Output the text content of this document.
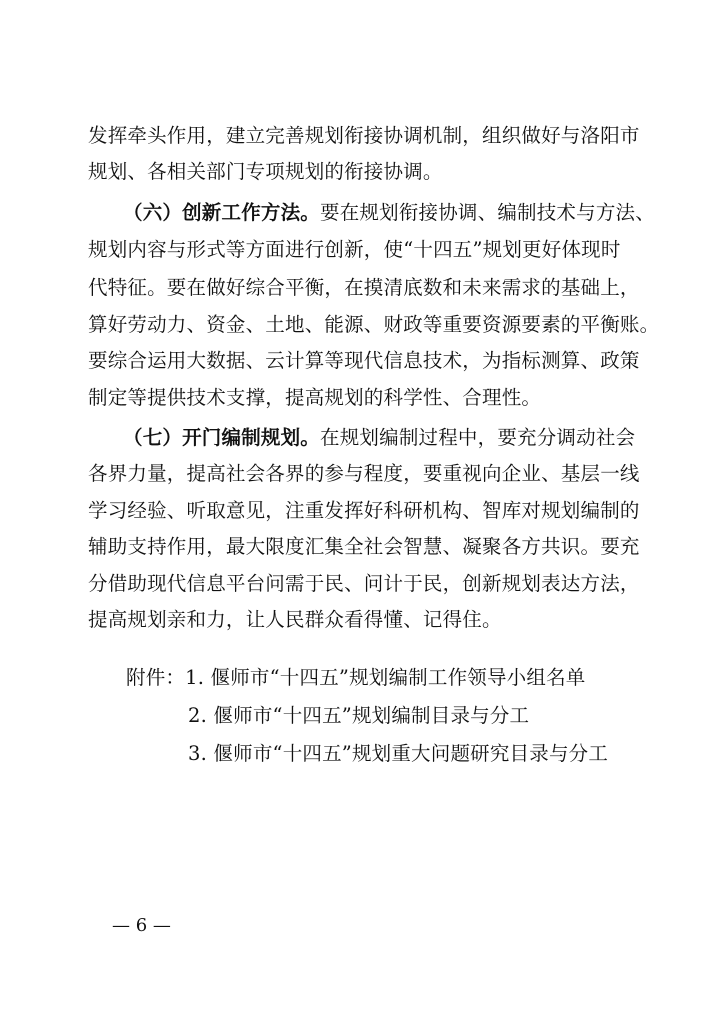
发挥牵头作用，建立完善规划衔接协调机制，组织做好与洛阳市
规划、各相关部门专项规划的衔接协调。
（六）创新工作方法。要在规划衔接协调、编制技术与方法、
规划内容与形式等方面进行创新，使“十四五”规划更好体现时
代特征。要在做好综合平衡，在摸清底数和未来需求的基础上，
算好劳动力、资金、土地、能源、财政等重要资源要素的平衡账。
要综合运用大数据、云计算等现代信息技术，为指标测算、政策
制定等提供技术支撑，提高规划的科学性、合理性。
（七）开门编制规划。在规划编制过程中，要充分调动社会
各界力量，提高社会各界的参与程度，要重视向企业、基层一线
学习经验、听取意见，注重发挥好科研机构、智库对规划编制的
辅助支持作用，最大限度汇集全社会智慧、凝聚各方共识。要充
分借助现代信息平台问需于民、问计于民，创新规划表达方法，
提高规划亲和力，让人民群众看得懂、记得住。
附件：1. 偃师市“十四五”规划编制工作领导小组名单
2. 偃师市“十四五”规划编制目录与分工
3. 偃师市“十四五”规划重大问题研究目录与分工
— 6 —
